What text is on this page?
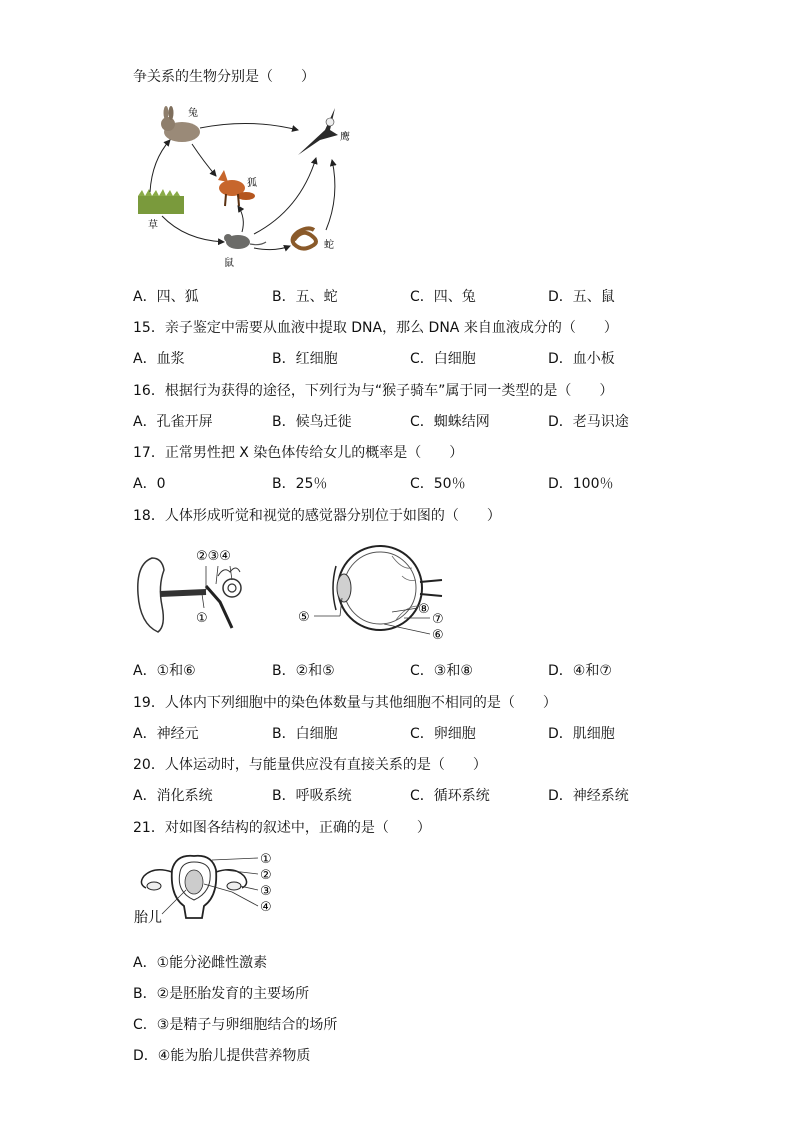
争关系的生物分别是（　　）
兔
鹰
狐
草
鼠
蛇
A．四、狐	B．五、蛇	C．四、兔	D．五、鼠
15．亲子鉴定中需要从血液中提取 DNA，那么 DNA 来自血液成分的（　　）
A．血浆	B．红细胞	C．白细胞	D．血小板
16．根据行为获得的途径，下列行为与“猴子骑车”属于同一类型的是（　　）
A．孔雀开屏	B．候鸟迁徙	C．蜘蛛结网	D．老马识途
17．正常男性把 X 染色体传给女儿的概率是（　　）
A．0	B．25％	C．50％	D．100％
18．人体形成听觉和视觉的感觉器分别位于如图的（　　）
②③④
①	⑤
⑧
⑦
⑥
A．①和⑥	B．②和⑤	C．③和⑧	D．④和⑦
19．人体内下列细胞中的染色体数量与其他细胞不相同的是（　　）
A．神经元	B．白细胞	C．卵细胞	D．肌细胞
20．人体运动时，与能量供应没有直接关系的是（　　）
A．消化系统	B．呼吸系统	C．循环系统	D．神经系统
21．对如图各结构的叙述中，正确的是（　　）
①
②
③
④
胎儿
A．①能分泌雌性激素
B．②是胚胎发育的主要场所
C．③是精子与卵细胞结合的场所
D．④能为胎儿提供营养物质
